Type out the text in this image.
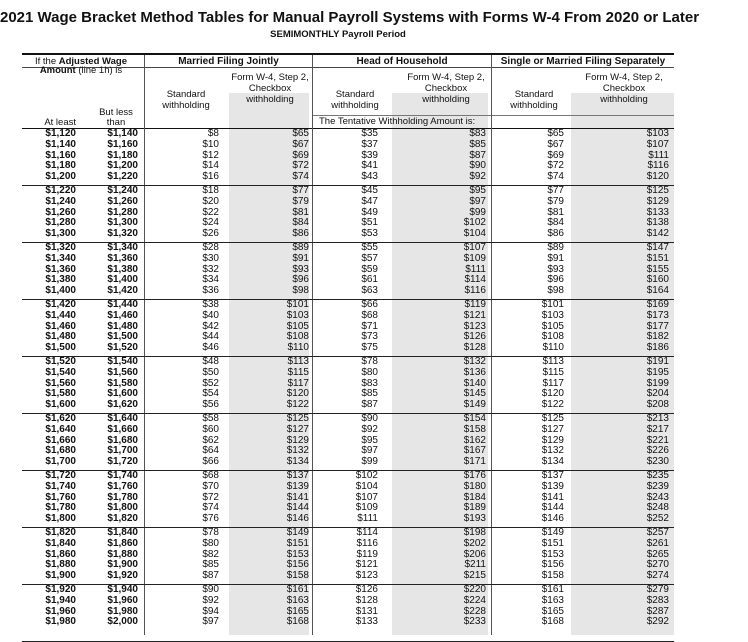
2021 Wage Bracket Method Tables for Manual Payroll Systems with Forms W-4 From 2020 or Later
SEMIMONTHLY Payroll Period
If the Adjusted Wage Amount (line 1h) is
But less than
At least
Married Filing Jointly	Head of Household	Single or Married Filing Separately
Standard withholding
Form W-4, Step 2, Checkbox withholding	Standard withholding
Form W-4, Step 2, Checkbox withholding	Standard withholding
Form W-4, Step 2, Checkbox withholding
The Tentative Withholding Amount is:
$1,120	$1,140	$8	$65	$35	$83	$65	$103
$1,140	$1,160	$10	$67	$37	$85	$67	$107
$1,160	$1,180	$12	$69	$39	$87	$69	$111
$1,180	$1,200	$14	$72	$41	$90	$72	$116
$1,200	$1,220	$16	$74	$43	$92	$74	$120
$1,220	$1,240	$18	$77	$45	$95	$77	$125
$1,240	$1,260	$20	$79	$47	$97	$79	$129
$1,260	$1,280	$22	$81	$49	$99	$81	$133
$1,280	$1,300	$24	$84	$51	$102	$84	$138
$1,300	$1,320	$26	$86	$53	$104	$86	$142
$1,320	$1,340	$28	$89	$55	$107	$89	$147
$1,340	$1,360	$30	$91	$57	$109	$91	$151
$1,360	$1,380	$32	$93	$59	$111	$93	$155
$1,380	$1,400	$34	$96	$61	$114	$96	$160
$1,400	$1,420	$36	$98	$63	$116	$98	$164
$1,420	$1,440	$38	$101	$66	$119	$101	$169
$1,440	$1,460	$40	$103	$68	$121	$103	$173
$1,460	$1,480	$42	$105	$71	$123	$105	$177
$1,480	$1,500	$44	$108	$73	$126	$108	$182
$1,500	$1,520	$46	$110	$75	$128	$110	$186
$1,520	$1,540	$48	$113	$78	$132	$113	$191
$1,540	$1,560	$50	$115	$80	$136	$115	$195
$1,560	$1,580	$52	$117	$83	$140	$117	$199
$1,580	$1,600	$54	$120	$85	$145	$120	$204
$1,600	$1,620	$56	$122	$87	$149	$122	$208
$1,620	$1,640	$58	$125	$90	$154	$125	$213
$1,640	$1,660	$60	$127	$92	$158	$127	$217
$1,660	$1,680	$62	$129	$95	$162	$129	$221
$1,680	$1,700	$64	$132	$97	$167	$132	$226
$1,700	$1,720	$66	$134	$99	$171	$134	$230
$1,720	$1,740	$68	$137	$102	$176	$137	$235
$1,740	$1,760	$70	$139	$104	$180	$139	$239
$1,760	$1,780	$72	$141	$107	$184	$141	$243
$1,780	$1,800	$74	$144	$109	$189	$144	$248
$1,800	$1,820	$76	$146	$111	$193	$146	$252
$1,820	$1,840	$78	$149	$114	$198	$149	$257
$1,840	$1,860	$80	$151	$116	$202	$151	$261
$1,860	$1,880	$82	$153	$119	$206	$153	$265
$1,880	$1,900	$85	$156	$121	$211	$156	$270
$1,900	$1,920	$87	$158	$123	$215	$158	$274
$1,920	$1,940	$90	$161	$126	$220	$161	$279
$1,940	$1,960	$92	$163	$128	$224	$163	$283
$1,960	$1,980	$94	$165	$131	$228	$165	$287
$1,980	$2,000	$97	$168	$133	$233	$168	$292
